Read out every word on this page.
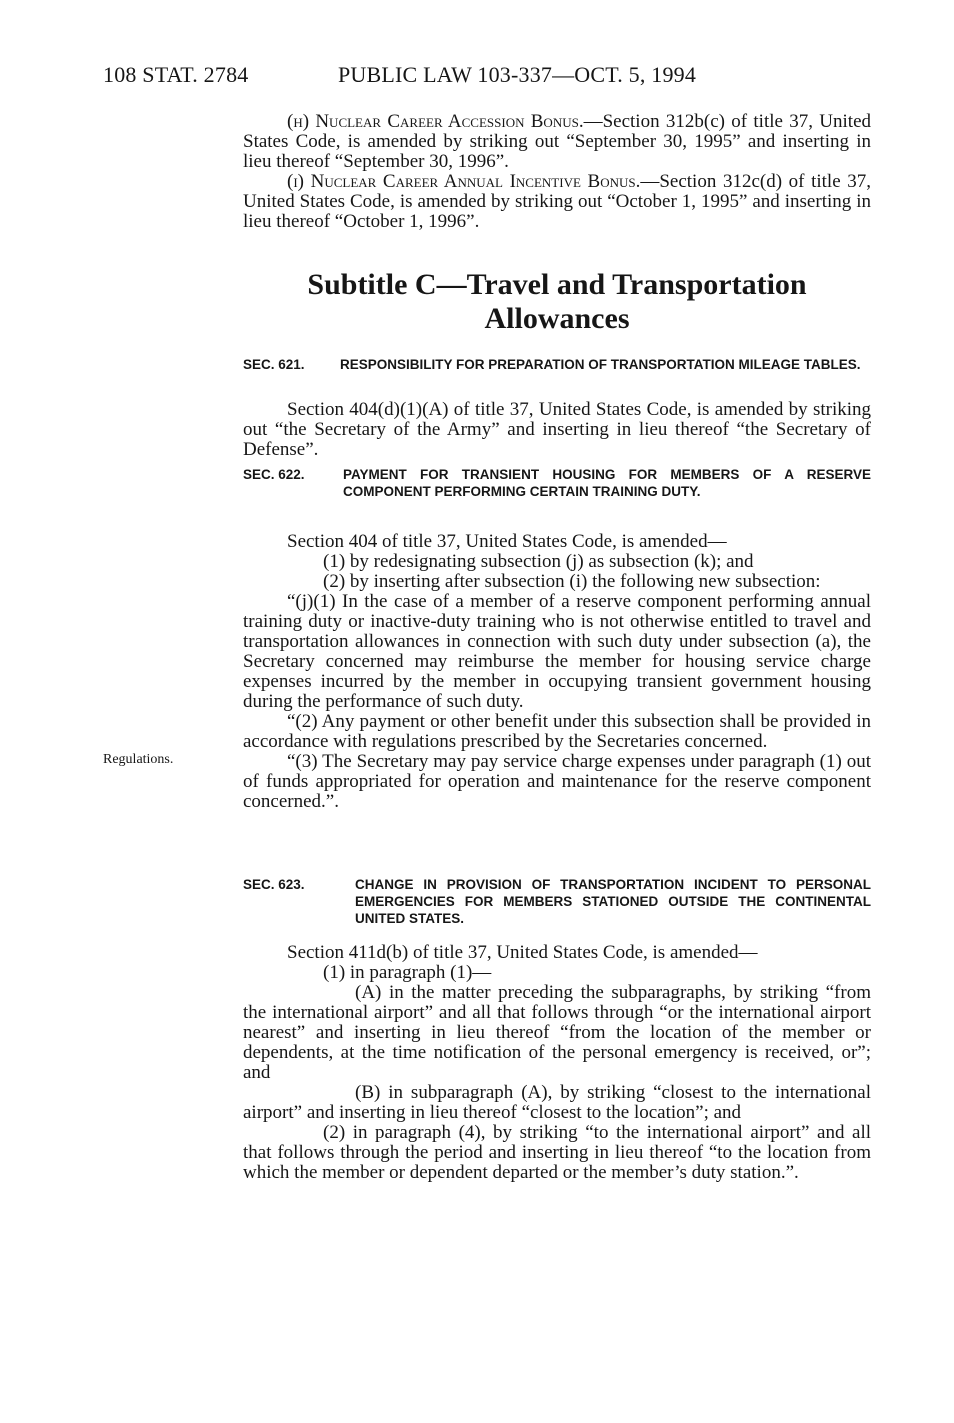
108 STAT. 2784	PUBLIC LAW 103-337—OCT. 5, 1994

(h) Nuclear Career Accession Bonus.—Section 312b(c) of title 37, United States Code, is amended by striking out “September 30, 1995” and inserting in lieu thereof “September 30, 1996”.

(i) Nuclear Career Annual Incentive Bonus.—Section 312c(d) of title 37, United States Code, is amended by striking out “October 1, 1995” and inserting in lieu thereof “October 1, 1996”.

Subtitle C—Travel and Transportation
Allowances
SEC. 621.	RESPONSIBILITY FOR PREPARATION OF TRANSPORTATION MILEAGE TABLES.

Section 404(d)(1)(A) of title 37, United States Code, is amended by striking out “the Secretary of the Army” and inserting in lieu thereof “the Secretary of Defense”.

SEC. 622.	PAYMENT FOR TRANSIENT HOUSING FOR MEMBERS OF A RESERVE COMPONENT PERFORMING CERTAIN TRAINING DUTY.

Section 404 of title 37, United States Code, is amended—

(1) by redesignating subsection (j) as subsection (k); and

(2) by inserting after subsection (i) the following new subsection:

“(j)(1) In the case of a member of a reserve component performing annual training duty or inactive-duty training who is not otherwise entitled to travel and transportation allowances in connection with such duty under subsection (a), the Secretary concerned may reimburse the member for housing service charge expenses incurred by the member in occupying transient government housing during the performance of such duty.

“(2) Any payment or other benefit under this subsection shall be provided in accordance with regulations prescribed by the Secretaries concerned.

“(3) The Secretary may pay service charge expenses under paragraph (1) out of funds appropriated for operation and maintenance for the reserve component concerned.”.

Regulations.
SEC. 623.	CHANGE IN PROVISION OF TRANSPORTATION INCIDENT TO PERSONAL EMERGENCIES FOR MEMBERS STATIONED OUTSIDE THE CONTINENTAL UNITED STATES.

Section 411d(b) of title 37, United States Code, is amended—

(1) in paragraph (1)—

(A) in the matter preceding the subparagraphs, by striking “from the international airport” and all that follows through “or the international airport nearest” and inserting in lieu thereof “from the location of the member or dependents, at the time notification of the personal emergency is received, or”; and

(B) in subparagraph (A), by striking “closest to the international airport” and inserting in lieu thereof “closest to the location”; and

(2) in paragraph (4), by striking “to the international airport” and all that follows through the period and inserting in lieu thereof “to the location from which the member or dependent departed or the member’s duty station.”.
